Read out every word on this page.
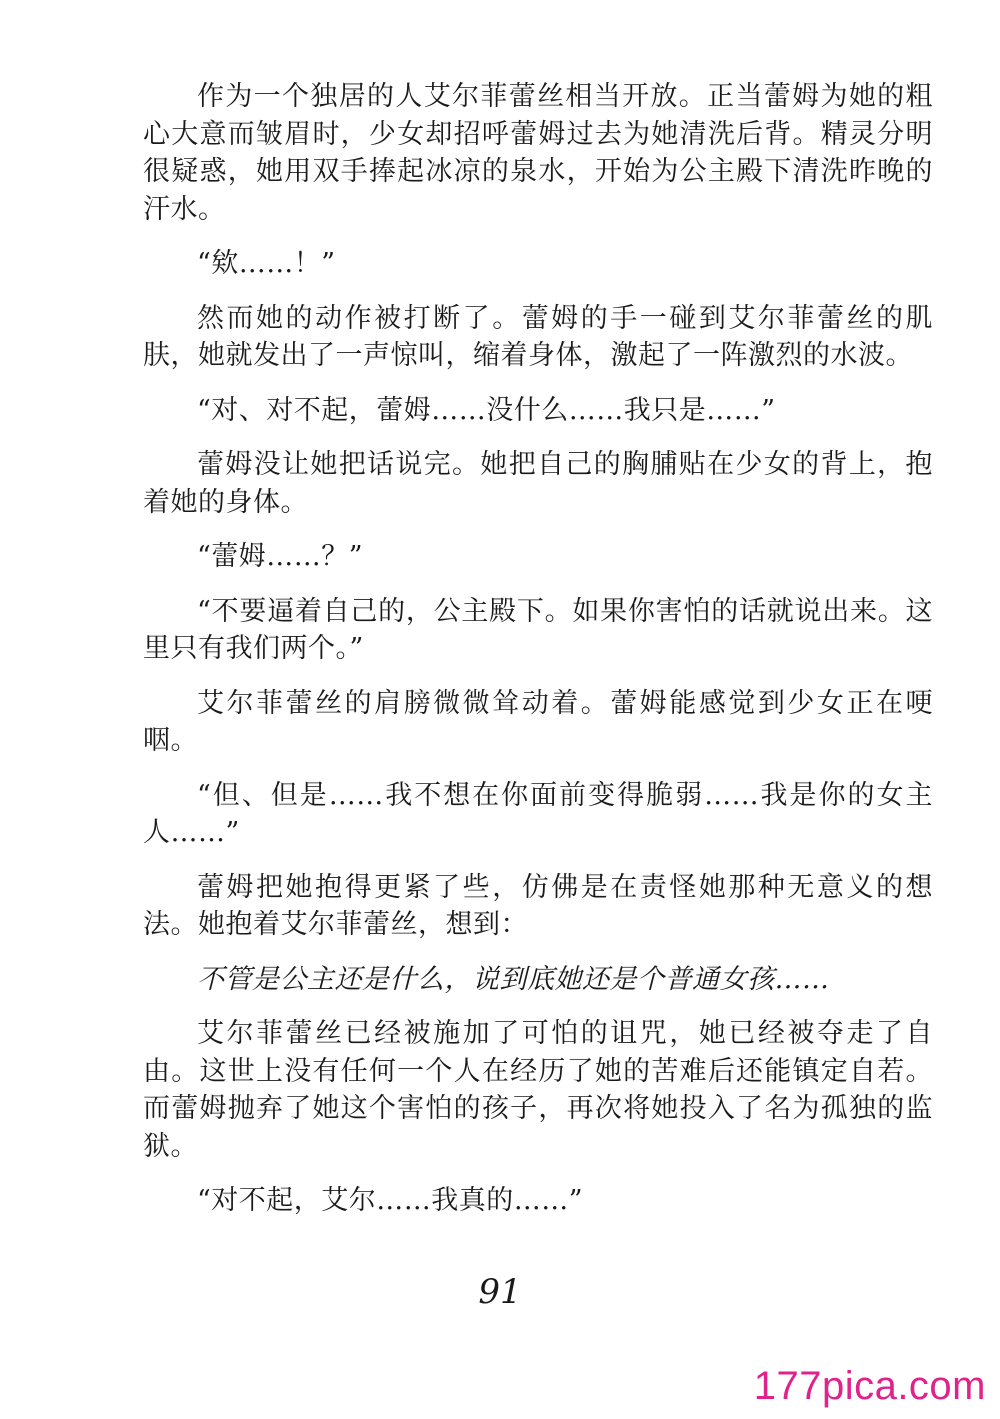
作为一个独居的人艾尔菲蕾丝相当开放。正当蕾姆为她的粗心大意而皱眉时，少女却招呼蕾姆过去为她清洗后背。精灵分明很疑惑，她用双手捧起冰凉的泉水，开始为公主殿下清洗昨晚的汗水。

“欸……！”

然而她的动作被打断了。蕾姆的手一碰到艾尔菲蕾丝的肌肤，她就发出了一声惊叫，缩着身体，激起了一阵激烈的水波。

“对、对不起，蕾姆……没什么……我只是……”

蕾姆没让她把话说完。她把自己的胸脯贴在少女的背上，抱着她的身体。

“蕾姆……？”

“不要逼着自己的，公主殿下。如果你害怕的话就说出来。这里只有我们两个。”

艾尔菲蕾丝的肩膀微微耸动着。蕾姆能感觉到少女正在哽咽。

“但、但是……我不想在你面前变得脆弱……我是你的女主人……”

蕾姆把她抱得更紧了些，仿佛是在责怪她那种无意义的想法。她抱着艾尔菲蕾丝，想到：

不管是公主还是什么，说到底她还是个普通女孩……

艾尔菲蕾丝已经被施加了可怕的诅咒，她已经被夺走了自由。这世上没有任何一个人在经历了她的苦难后还能镇定自若。而蕾姆抛弃了她这个害怕的孩子，再次将她投入了名为孤独的监狱。

“对不起，艾尔……我真的……”

91
177pica.com
